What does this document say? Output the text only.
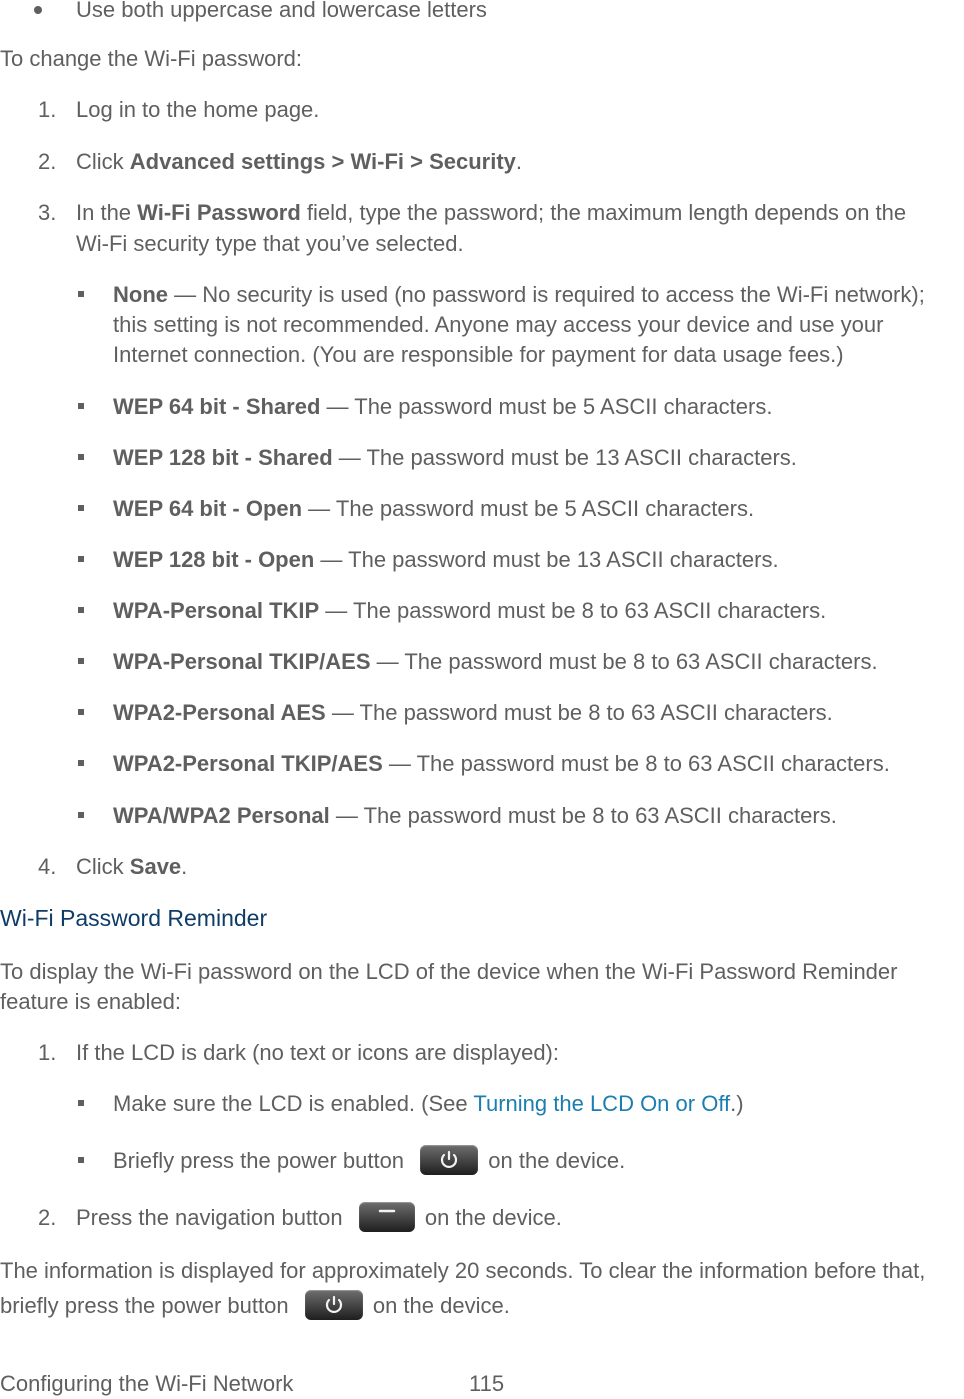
Use both uppercase and lowercase letters
To change the Wi-Fi password:
1. Log in to the home page.
2. Click Advanced settings > Wi-Fi > Security.
3. In the Wi-Fi Password field, type the password; the maximum length depends on the
Wi-Fi security type that you’ve selected.
None — No security is used (no password is required to access the Wi-Fi network);
this setting is not recommended. Anyone may access your device and use your
Internet connection. (You are responsible for payment for data usage fees.)
WEP 64 bit - Shared — The password must be 5 ASCII characters.
WEP 128 bit - Shared — The password must be 13 ASCII characters.
WEP 64 bit - Open — The password must be 5 ASCII characters.
WEP 128 bit - Open — The password must be 13 ASCII characters.
WPA-Personal TKIP — The password must be 8 to 63 ASCII characters.
WPA-Personal TKIP/AES — The password must be 8 to 63 ASCII characters.
WPA2-Personal AES — The password must be 8 to 63 ASCII characters.
WPA2-Personal TKIP/AES — The password must be 8 to 63 ASCII characters.
WPA/WPA2 Personal — The password must be 8 to 63 ASCII characters.
4. Click Save.
Wi-Fi Password Reminder
To display the Wi-Fi password on the LCD of the device when the Wi-Fi Password Reminder
feature is enabled:
1. If the LCD is dark (no text or icons are displayed):
Make sure the LCD is enabled. (See Turning the LCD On or Off.)
Briefly press the power button	on the device.
2. Press the navigation button	on the device.
The information is displayed for approximately 20 seconds. To clear the information before that,
briefly press the power button	on the device.
Configuring the Wi-Fi Network	115
